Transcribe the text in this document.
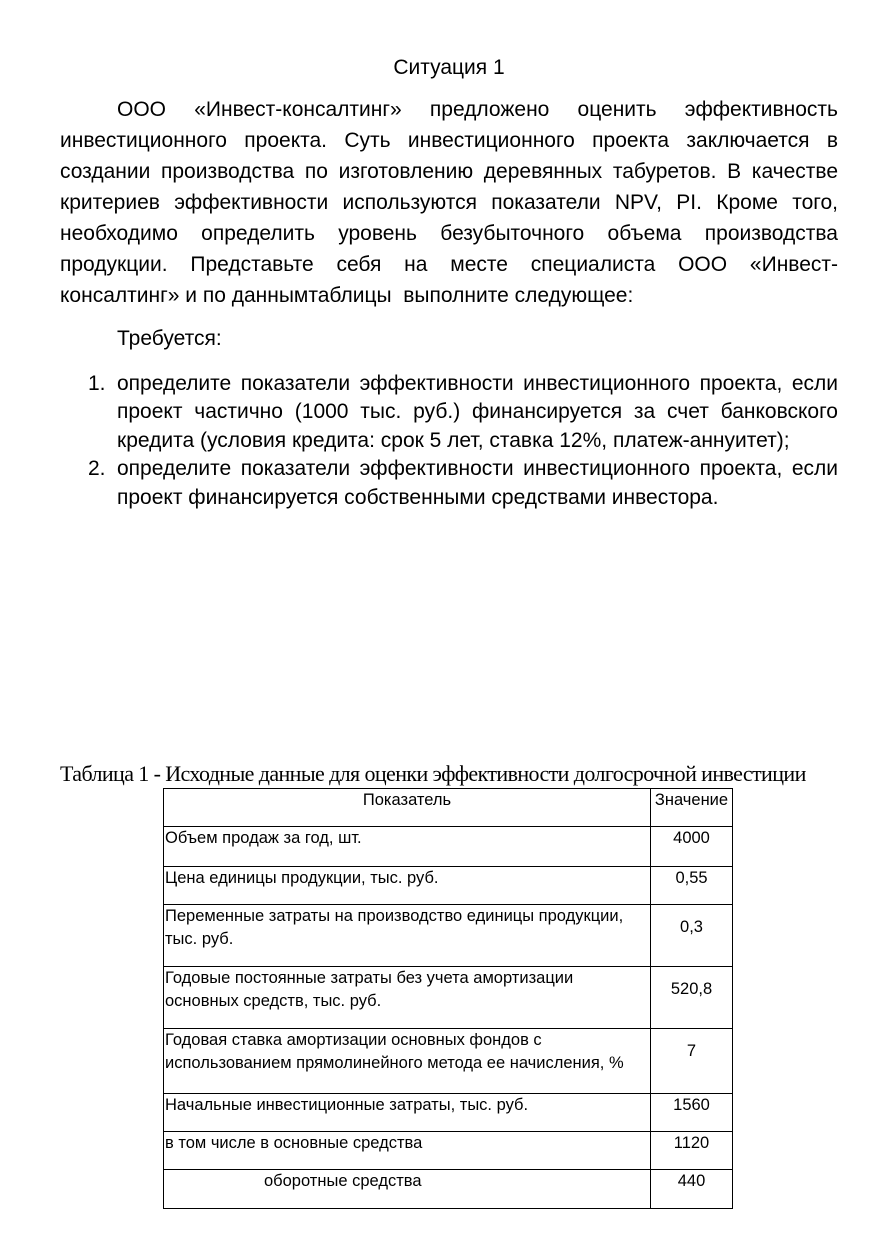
Ситуация 1
ООО «Инвест-консалтинг» предложено оценить эффективность
инвестиционного проекта. Суть инвестиционного проекта заключается в
создании производства по изготовлению деревянных табуретов. В качестве
критериев эффективности используются показатели NPV, PI. Кроме того,
необходимо определить уровень безубыточного объема производства
продукции. Представьте себя на месте специалиста ООО «Инвест-
консалтинг» и по даннымтаблицы  выполните следующее:
Требуется:
1. определите показатели эффективности инвестиционного проекта, если
проект частично (1000 тыс. руб.) финансируется за счет банковского
кредита (условия кредита: срок 5 лет, ставка 12%, платеж-аннуитет);
2. определите показатели эффективности инвестиционного проекта, если
проект финансируется собственными средствами инвестора.
Таблица 1 - Исходные данные для оценки эффективности долгосрочной инвестиции
Показатель	Значение
Объем продаж за год, шт.	4000
Цена единицы продукции, тыс. руб.	0,55
Переменные затраты на производство единицы продукции,
тыс. руб.	0,3
Годовые постоянные затраты без учета амортизации
основных средств, тыс. руб.	520,8
Годовая ставка амортизации основных фондов с
использованием прямолинейного метода ее начисления, %	7
Начальные инвестиционные затраты, тыс. руб.	1560
в том числе в основные средства	1120
оборотные средства	440
